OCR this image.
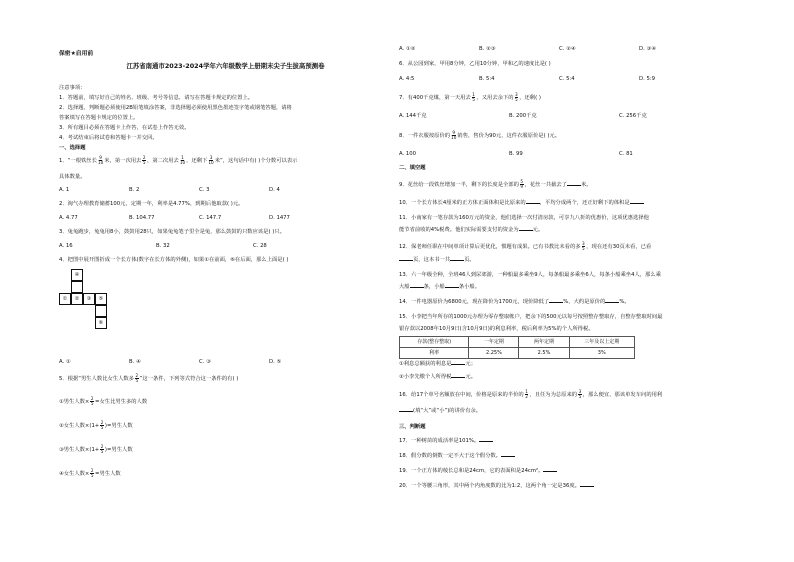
保密★启用前
江苏省南通市2023-2024学年六年级数学上册期末尖子生拔高预测卷
注意事项：
1．答题前，填写好自己的姓名、班级、考号等信息，请写在答题卡规定的位置上。
2．选择题、判断题必须使用2B铅笔填涂答案，非选择题必须使用黑色墨迹签字笔或钢笔答题，请将
答案填写在答题卡规定的位置上。
3．所有题目必须在答题卡上作答，在试卷上作答无效。
4．考试结束后将试卷和答题卡一并交回。
一、选择题
1．“一根铁丝长 $\frac{9}{10}$ 米，第一次用去 $\frac{2}{5}$ ，第二次用去 $\frac{1}{10}$ ，还剩下 $\frac{3}{10}$ 米”，这句话中有( )个分数可以表示
具体数量。
A. 1	B. 2	C. 3	D. 4
2．淘气办理教育储蓄100元，定期一年，利率是4.77%，到期后他取款( )元。
A. 4.77	B. 104.77	C. 147.7	D. 1477
3．兔兔跑步，兔兔用8小，鼓鼓用28只，如果兔兔笔子里全是兔，那么鼓鼓的只数应该是( )只。
A. 16	B. 32	C. 28
4．把图中展开图折成一个长方体(数字在长方体的外侧)，如果①在前面，⑥在后面，那么上面是( )
④
①	②	③	⑤
⑥
A. ①	B. ④	C. ③	D. ⑤
5．根据“男生人数比女生人数多 $\frac{2}{5}$ ”这一条件，下列等式符合这一条件的有( )
①男生人数× $\frac{2}{5}$ =女生比男生多的人数
②女生人数$\times(1+ \frac{2}{5}$ )=男生人数
③男生人数$\times(1+ \frac{2}{5}$ )=男生人数
④女生人数× $\frac{2}{5}$ =男生人数
A. ①②	B. ②③	C. ②④	D. ③④
6．从公园到家，甲用8分钟，乙用10分钟，甲和乙的速度比是( )
A. 4:5	B. 5:4	C. 5:4	D. 5:9
7．有400千克煤，第一天用去 $\frac{1}{5}$ ，又用去余下的 $\frac{3}{5}$ ，还剩( )
A. 144千克	B. 200千克	C. 256千克
8．一件衣服按原价的 $\frac{9}{10}$ 销售，售价为90元，这件衣服原价是( )元。
A. 100	B. 99	C. 81
二、填空题
9．花丝给一段铁丝增加一半，剩下的长度是全部的 $\frac{5}{9}$ ，花丝一共截去了	米。
10．一个长方体长4厘米的正方体正面体积是比原来的	，平均分成两个，还正好剩下的体积是
11．小南家有一笔存款为160万元的资金，他们选择一次付清房款，可享九八折的优惠价，这项优惠选择他
能节省前收的4%税费。他们实际需要支付的资金为	元。
12．保老师任职在中间单项计算后更优化，惯题有成果。已有书教比未看的多 $\frac{3}{5}$ ，现在还有30页未看，已看
页，这本书一共	页。
13．六一年级全种，全班46人到尿郊游，一种船最多乘坐9人，每条船最多乘坐6人，每条小船乘坐4人，那么乘
大船	条，小船	条小船。
14．一件电器原价为6800元，现在降价为1700元，现价降低了	%，大约是原价的	%。
15．小李把当年所存的1000元办理为零存整取帐户，把余下的500元以每号按照整存整取存，自整存整取时间最
银存款以2008年10月9日(含10月9日)的利息利率，税后利率为5%的个人所得税。
存款(整存整取)	一年定期	两年定期	三年及以上定期
利率	2.25%	2.5%	3%
①利息总额获的利息是	元；
②小李先缴个人所得税	元。
16．给17个单号名额放在中间，价格是原来的半价的 $\frac{1}{2}$ ，且任为为总原来的 $\frac{3}{5}$ ，那么便宜，那该单发车问的用利
(填“大”或“小”)的讲价有余。
三、判断题
17．一种树苗的成活率是101%。
18．假分数的倒数一定不大于这个假分数。
19．一个正方体的棱长总和是24cm，它的表面积是24cm²。
20．一个等腰三角形，其中两个内角度数的比为1:2，这两个角一定是36度。
